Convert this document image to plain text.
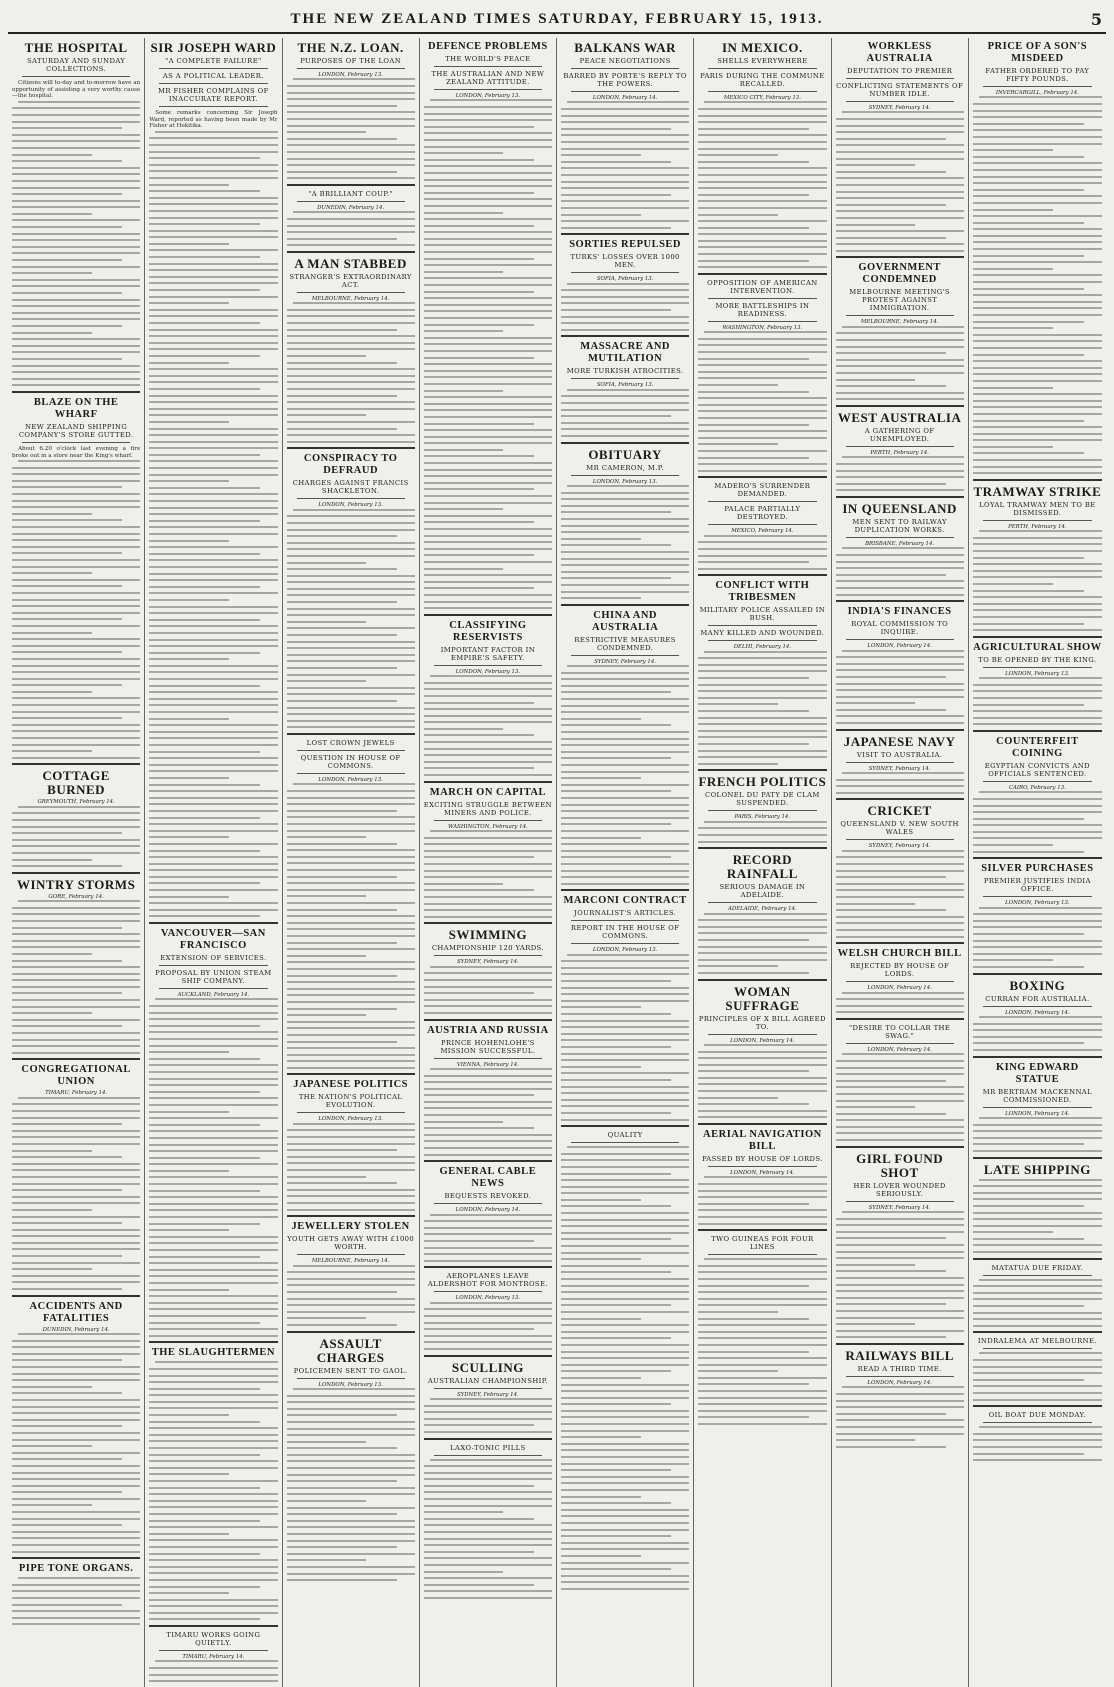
THE NEW ZEALAND TIMES SATURDAY, FEBRUARY 15, 1913.	5
THE HOSPITAL
SATURDAY AND SUNDAY COLLECTIONS.

Citizens will to-day and to-morrow have an opportunity of assisting a very worthy cause—the hospital.

BLAZE ON THE WHARF
NEW ZEALAND SHIPPING COMPANY'S STORE GUTTED.

About 6.20 o'clock last evening a fire broke out in a store near the King's wharf.

COTTAGE BURNED
GREYMOUTH, February 14.
WINTRY STORMS
GORE, February 14.
CONGREGATIONAL UNION
TIMARU, February 14.
ACCIDENTS AND FATALITIES
DUNEDIN, February 14.
PIPE TONE ORGANS.
SIR JOSEPH WARD
"A COMPLETE FAILURE"
AS A POLITICAL LEADER.
MR FISHER COMPLAINS OF INACCURATE REPORT.

Some remarks concerning Sir Joseph Ward, reported as having been made by Mr Fisher at Hokitika.

VANCOUVER—SAN FRANCISCO
EXTENSION OF SERVICES.
PROPOSAL BY UNION STEAM SHIP COMPANY.
AUCKLAND, February 14.
THE SLAUGHTERMEN
TIMARU WORKS GOING QUIETLY.
TIMARU, February 14.
THE N.Z. LOAN.
PURPOSES OF THE LOAN
LONDON, February 13.
"A BRILLIANT COUP."
DUNEDIN, February 14.
A MAN STABBED
STRANGER'S EXTRAORDINARY ACT.
MELBOURNE, February 14.
CONSPIRACY TO DEFRAUD
CHARGES AGAINST FRANCIS SHACKLETON.
LONDON, February 13.
LOST CROWN JEWELS
QUESTION IN HOUSE OF COMMONS.
LONDON, February 13.
JAPANESE POLITICS
THE NATION'S POLITICAL EVOLUTION.
LONDON, February 13.
JEWELLERY STOLEN
YOUTH GETS AWAY WITH £1000 WORTH.
MELBOURNE, February 14.
ASSAULT CHARGES
POLICEMEN SENT TO GAOL.
LONDON, February 13.
DEFENCE PROBLEMS
THE WORLD'S PEACE
THE AUSTRALIAN AND NEW ZEALAND ATTITUDE.
LONDON, February 13.
CLASSIFYING RESERVISTS
IMPORTANT FACTOR IN EMPIRE'S SAFETY.
LONDON, February 13.
MARCH ON CAPITAL
EXCITING STRUGGLE BETWEEN MINERS AND POLICE.
WASHINGTON, February 14.
SWIMMING
CHAMPIONSHIP 120 YARDS.
SYDNEY, February 14.
AUSTRIA AND RUSSIA
PRINCE HOHENLOHE'S MISSION SUCCESSFUL.
VIENNA, February 14.
GENERAL CABLE NEWS
BEQUESTS REVOKED.
LONDON, February 14.
AEROPLANES LEAVE ALDERSHOT FOR MONTROSE.
LONDON, February 13.
SCULLING
AUSTRALIAN CHAMPIONSHIP.
SYDNEY, February 14.
LAXO-TONIC PILLS
BALKANS WAR
PEACE NEGOTIATIONS
BARRED BY PORTE'S REPLY TO THE POWERS.
LONDON, February 14.
SORTIES REPULSED
TURKS' LOSSES OVER 1000 MEN.
SOFIA, February 13.
MASSACRE AND MUTILATION
MORE TURKISH ATROCITIES.
SOFIA, February 13.
OBITUARY
MR CAMERON, M.P.
LONDON, February 13.
CHINA AND AUSTRALIA
RESTRICTIVE MEASURES CONDEMNED.
SYDNEY, February 14.
MARCONI CONTRACT
JOURNALIST'S ARTICLES.
REPORT IN THE HOUSE OF COMMONS.
LONDON, February 13.
QUALITY
IN MEXICO.
SHELLS EVERYWHERE
PARIS DURING THE COMMUNE RECALLED.
MEXICO CITY, February 13.
OPPOSITION OF AMERICAN INTERVENTION.
MORE BATTLESHIPS IN READINESS.
WASHINGTON, February 13.
MADERO'S SURRENDER DEMANDED.
PALACE PARTIALLY DESTROYED.
MEXICO, February 14.
CONFLICT WITH TRIBESMEN
MILITARY POLICE ASSAILED IN BUSH.
MANY KILLED AND WOUNDED.
DELHI, February 14.
FRENCH POLITICS
COLONEL DU PATY DE CLAM SUSPENDED.
PARIS, February 14.
RECORD RAINFALL
SERIOUS DAMAGE IN ADELAIDE.
ADELAIDE, February 14.
WOMAN SUFFRAGE
PRINCIPLES OF X BILL AGREED TO.
LONDON, February 14.
AERIAL NAVIGATION BILL
PASSED BY HOUSE OF LORDS.
LONDON, February 14.
TWO GUINEAS FOR FOUR LINES
WORKLESS AUSTRALIA
DEPUTATION TO PREMIER
CONFLICTING STATEMENTS OF NUMBER IDLE.
SYDNEY, February 14.
GOVERNMENT CONDEMNED
MELBOURNE MEETING'S PROTEST AGAINST IMMIGRATION.
MELBOURNE, February 14.
WEST AUSTRALIA
A GATHERING OF UNEMPLOYED.
PERTH, February 14.
IN QUEENSLAND
MEN SENT TO RAILWAY DUPLICATION WORKS.
BRISBANE, February 14.
INDIA'S FINANCES
ROYAL COMMISSION TO INQUIRE.
LONDON, February 14.
JAPANESE NAVY
VISIT TO AUSTRALIA.
SYDNEY, February 14.
CRICKET
QUEENSLAND V. NEW SOUTH WALES
SYDNEY, February 14.
WELSH CHURCH BILL
REJECTED BY HOUSE OF LORDS.
LONDON, February 14.
"DESIRE TO COLLAR THE SWAG."
LONDON, February 14.
GIRL FOUND SHOT
HER LOVER WOUNDED SERIOUSLY.
SYDNEY, February 14.
RAILWAYS BILL
READ A THIRD TIME.
LONDON, February 14.
PRICE OF A SON'S MISDEED
FATHER ORDERED TO PAY FIFTY POUNDS.
INVERCARGILL, February 14.
TRAMWAY STRIKE
LOYAL TRAMWAY MEN TO BE DISMISSED.
PERTH, February 14.
AGRICULTURAL SHOW
TO BE OPENED BY THE KING.
LONDON, February 13.
COUNTERFEIT COINING
EGYPTIAN CONVICTS AND OFFICIALS SENTENCED.
CAIRO, February 13.
SILVER PURCHASES
PREMIER JUSTIFIES INDIA OFFICE.
LONDON, February 13.
BOXING
CURRAN FOR AUSTRALIA.
LONDON, February 14.
KING EDWARD STATUE
MR BERTRAM MACKENNAL COMMISSIONED.
LONDON, February 14.
LATE SHIPPING
MATATUA DUE FRIDAY.
INDRALEMA AT MELBOURNE.
OIL BOAT DUE MONDAY.
